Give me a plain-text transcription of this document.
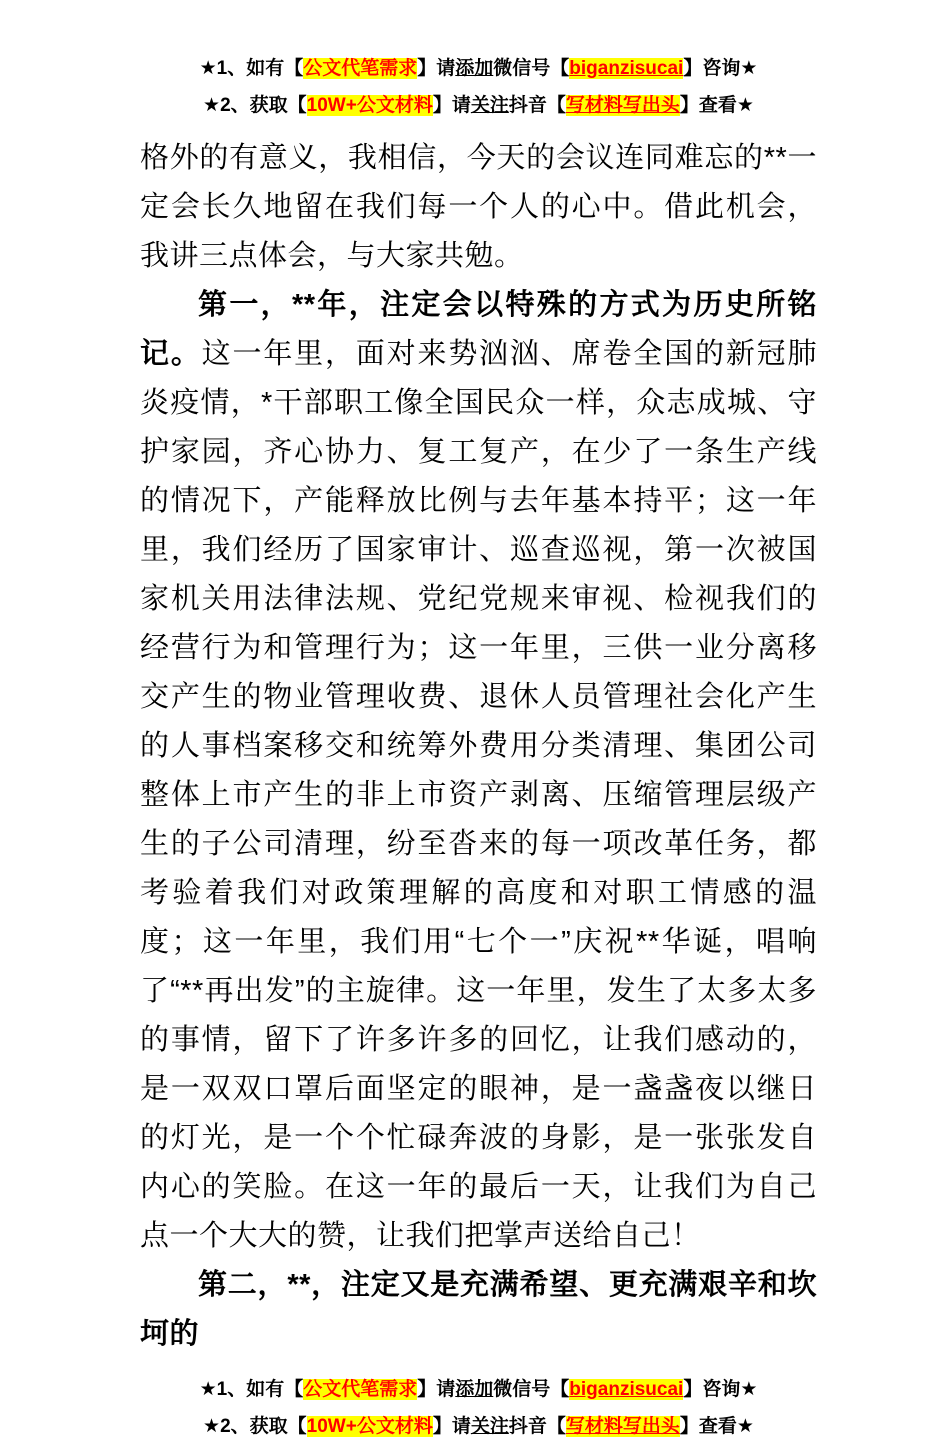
★1、如有【公文代笔需求】请添加微信号【biganzisucai】咨询★
★2、获取【10W+公文材料】请关注抖音【写材料写出头】查看★
格外的有意义，我相信，今天的会议连同难忘的**一定会长久地留在我们每一个人的心中。借此机会，我讲三点体会，与大家共勉。
第一，**年，注定会以特殊的方式为历史所铭记。这一年里，面对来势汹汹、席卷全国的新冠肺炎疫情，*干部职工像全国民众一样，众志成城、守护家园，齐心协力、复工复产，在少了一条生产线的情况下，产能释放比例与去年基本持平；这一年里，我们经历了国家审计、巡查巡视，第一次被国家机关用法律法规、党纪党规来审视、检视我们的经营行为和管理行为；这一年里，三供一业分离移交产生的物业管理收费、退休人员管理社会化产生的人事档案移交和统筹外费用分类清理、集团公司整体上市产生的非上市资产剥离、压缩管理层级产生的子公司清理，纷至沓来的每一项改革任务，都考验着我们对政策理解的高度和对职工情感的温度；这一年里，我们用“七个一”庆祝**华诞，唱响了“**再出发”的主旋律。这一年里，发生了太多太多的事情，留下了许多许多的回忆，让我们感动的，是一双双口罩后面坚定的眼神，是一盏盏夜以继日的灯光，是一个个忙碌奔波的身影，是一张张发自内心的笑脸。在这一年的最后一天，让我们为自己点一个大大的赞，让我们把掌声送给自己！
第二，**，注定又是充满希望、更充满艰辛和坎坷的
★1、如有【公文代笔需求】请添加微信号【biganzisucai】咨询★
★2、获取【10W+公文材料】请关注抖音【写材料写出头】查看★
